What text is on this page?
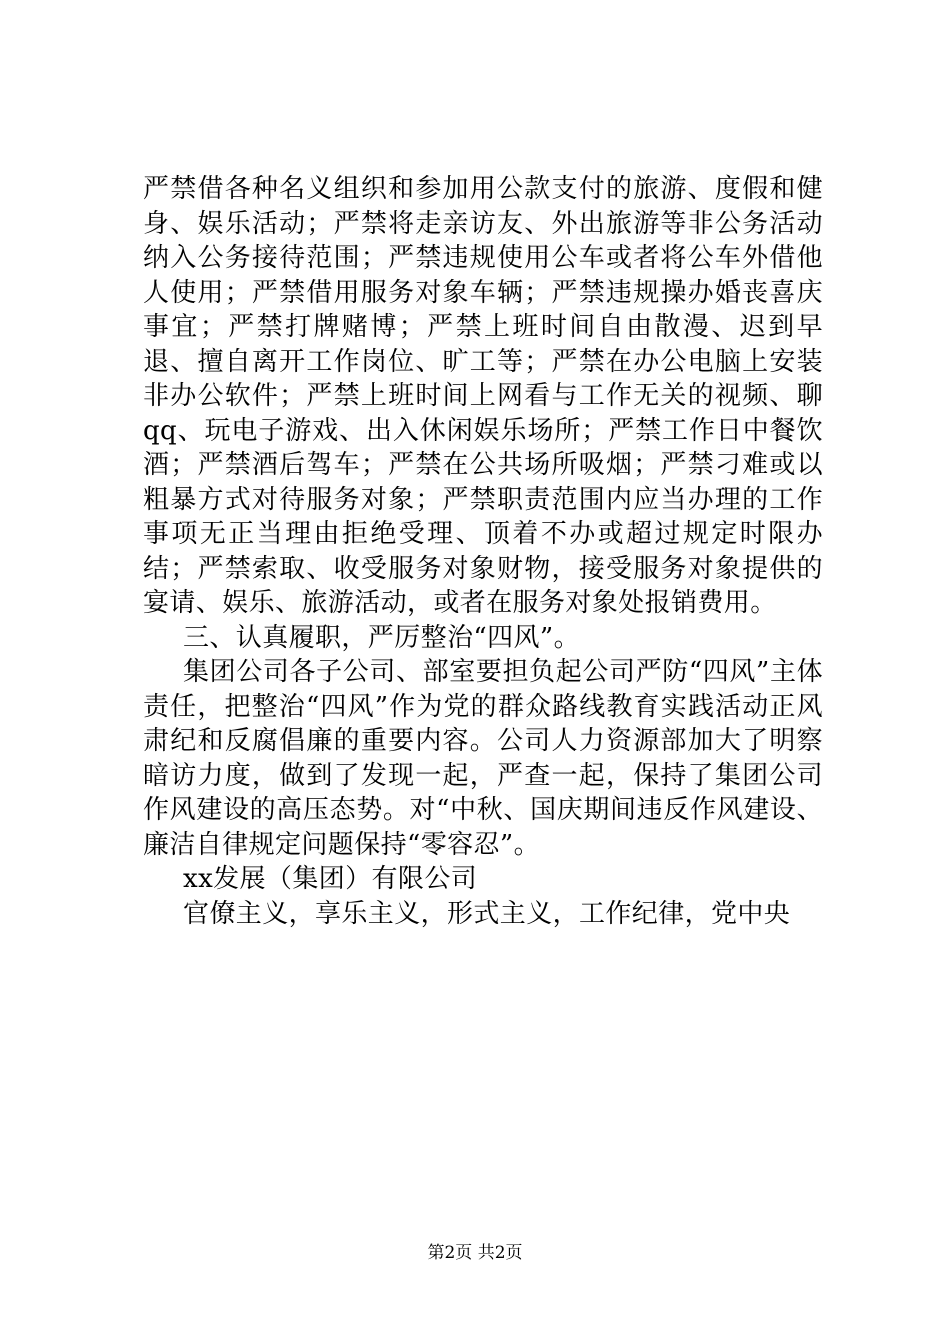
严禁借各种名义组织和参加用公款支付的旅游、度假和健身、娱乐活动；严禁将走亲访友、外出旅游等非公务活动纳入公务接待范围；严禁违规使用公车或者将公车外借他人使用；严禁借用服务对象车辆；严禁违规操办婚丧喜庆事宜；严禁打牌赌博；严禁上班时间自由散漫、迟到早退、擅自离开工作岗位、旷工等；严禁在办公电脑上安装非办公软件；严禁上班时间上网看与工作无关的视频、聊qq、玩电子游戏、出入休闲娱乐场所；严禁工作日中餐饮酒；严禁酒后驾车；严禁在公共场所吸烟；严禁刁难或以粗暴方式对待服务对象；严禁职责范围内应当办理的工作事项无正当理由拒绝受理、顶着不办或超过规定时限办结；严禁索取、收受服务对象财物，接受服务对象提供的宴请、娱乐、旅游活动，或者在服务对象处报销费用。

三、认真履职，严厉整治“四风”。

集团公司各子公司、部室要担负起公司严防“四风”主体责任，把整治“四风”作为党的群众路线教育实践活动正风肃纪和反腐倡廉的重要内容。公司人力资源部加大了明察暗访力度，做到了发现一起，严查一起，保持了集团公司作风建设的高压态势。对“中秋、国庆期间违反作风建设、廉洁自律规定问题保持“零容忍”。

xx发展（集团）有限公司

官僚主义，享乐主义，形式主义，工作纪律，党中央

第2页 共2页
